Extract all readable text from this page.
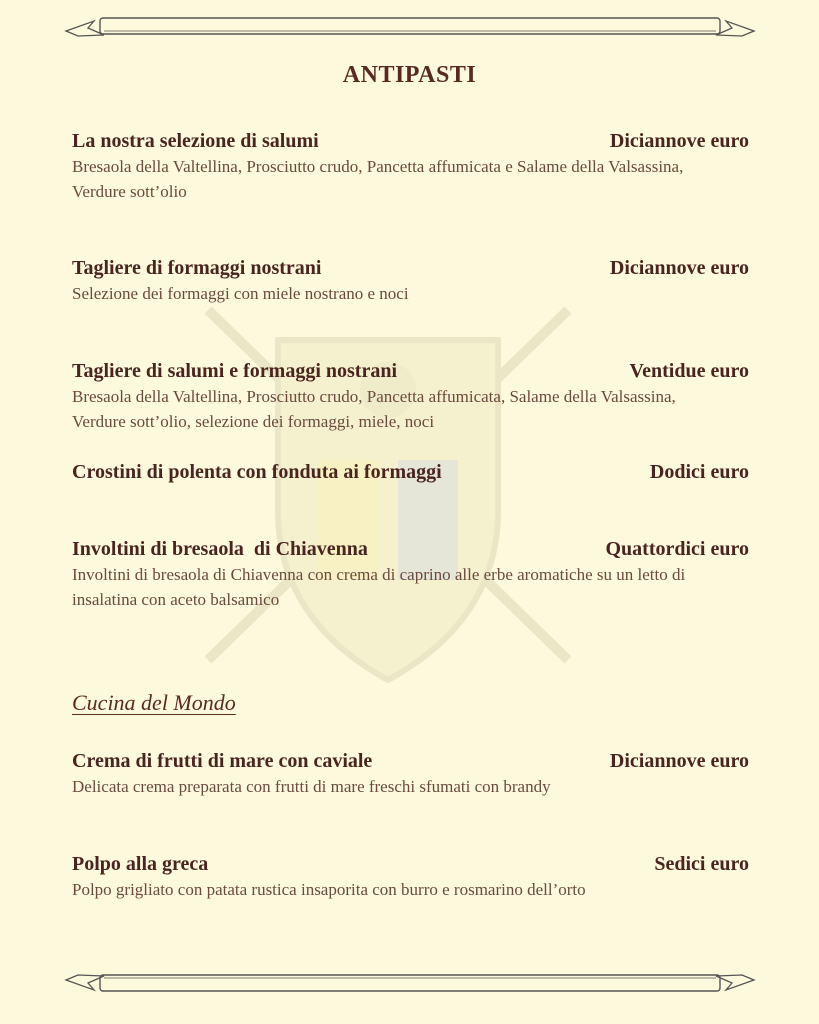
ANTIPASTI
La nostra selezione di salumi	Diciannove euro
Bresaola della Valtellina, Prosciutto crudo, Pancetta affumicata e Salame della Valsassina, Verdure sott’olio
Tagliere di formaggi nostrani	Diciannove euro
Selezione dei formaggi con miele nostrano e noci
Tagliere di salumi e formaggi nostrani	Ventidue euro
Bresaola della Valtellina, Prosciutto crudo, Pancetta affumicata, Salame della Valsassina, Verdure sott’olio, selezione dei formaggi, miele, noci
Crostini di polenta con fonduta ai formaggi	Dodici euro
Involtini di bresaola  di Chiavenna	Quattordici euro
Involtini di bresaola di Chiavenna con crema di caprino alle erbe aromatiche su un letto di insalatina con aceto balsamico
Cucina del Mondo
Crema di frutti di mare con caviale	Diciannove euro
Delicata crema preparata con frutti di mare freschi sfumati con brandy
Polpo alla greca	Sedici euro
Polpo grigliato con patata rustica insaporita con burro e rosmarino dell’orto
